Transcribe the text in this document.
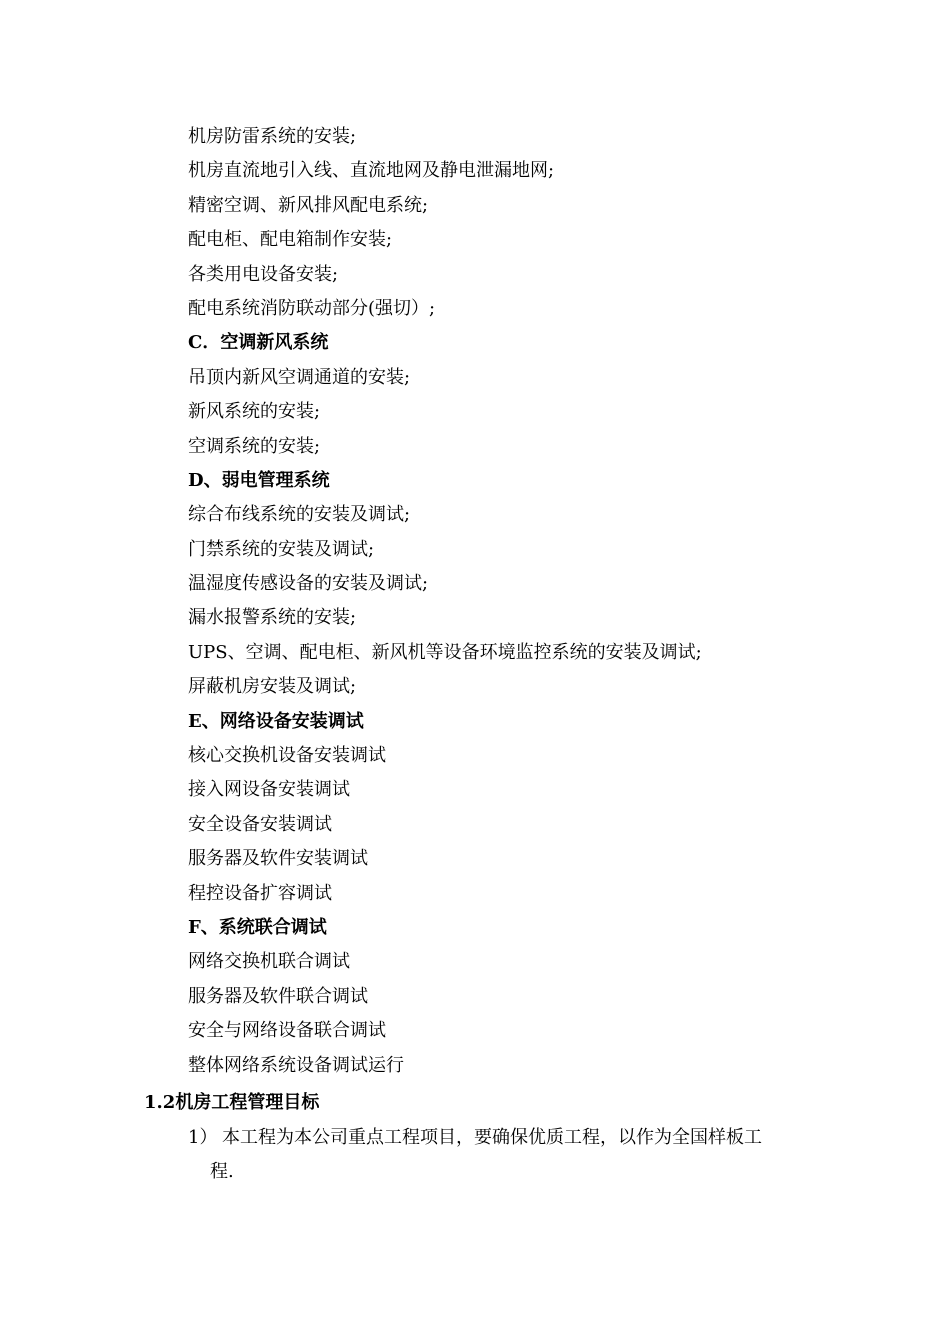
机房防雷系统的安装;
机房直流地引入线、直流地网及静电泄漏地网;
精密空调、新风排风配电系统;
配电柜、配电箱制作安装;
各类用电设备安装;
配电系统消防联动部分(强切）;
C．空调新风系统
吊顶内新风空调通道的安装;
新风系统的安装;
空调系统的安装;
D、弱电管理系统
综合布线系统的安装及调试;
门禁系统的安装及调试;
温湿度传感设备的安装及调试;
漏水报警系统的安装;
UPS、空调、配电柜、新风机等设备环境监控系统的安装及调试;
屏蔽机房安装及调试;
E、网络设备安装调试
核心交换机设备安装调试
接入网设备安装调试
安全设备安装调试
服务器及软件安装调试
程控设备扩容调试
F、系统联合调试
网络交换机联合调试
服务器及软件联合调试
安全与网络设备联合调试
整体网络系统设备调试运行
1.2机房工程管理目标
1） 本工程为本公司重点工程项目，要确保优质工程，以作为全国样板工
程.
